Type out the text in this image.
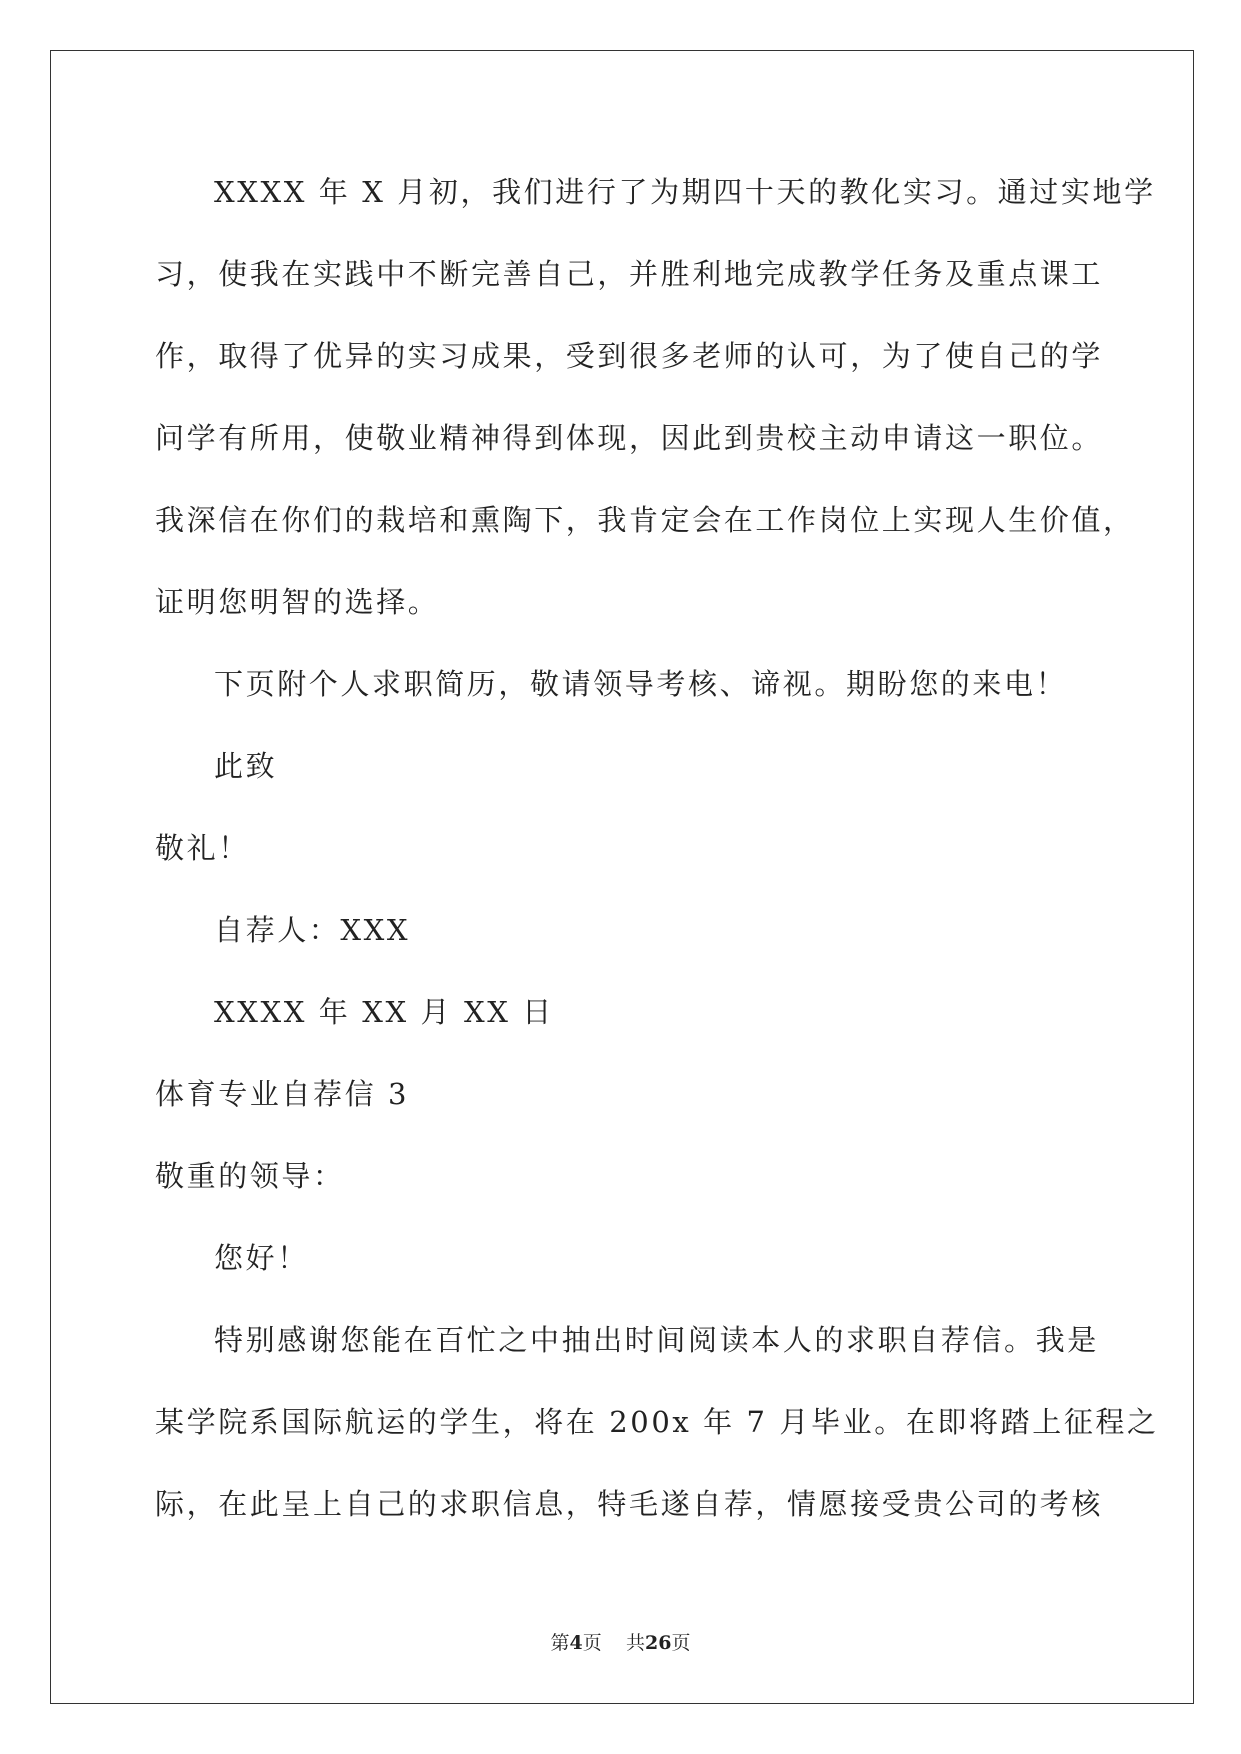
XXXX 年 X 月初，我们进行了为期四十天的教化实习。通过实地学
习，使我在实践中不断完善自己，并胜利地完成教学任务及重点课工
作，取得了优异的实习成果，受到很多老师的认可，为了使自己的学
问学有所用，使敬业精神得到体现，因此到贵校主动申请这一职位。
我深信在你们的栽培和熏陶下，我肯定会在工作岗位上实现人生价值，
证明您明智的选择。
下页附个人求职简历，敬请领导考核、谛视。期盼您的来电！
此致
敬礼！
自荐人：XXX
XXXX 年 XX 月 XX 日
体育专业自荐信 3
敬重的领导：
您好！
特别感谢您能在百忙之中抽出时间阅读本人的求职自荐信。我是
某学院系国际航运的学生，将在 200x 年 7 月毕业。在即将踏上征程之
际，在此呈上自己的求职信息，特毛遂自荐，情愿接受贵公司的考核
第4页 共26页
